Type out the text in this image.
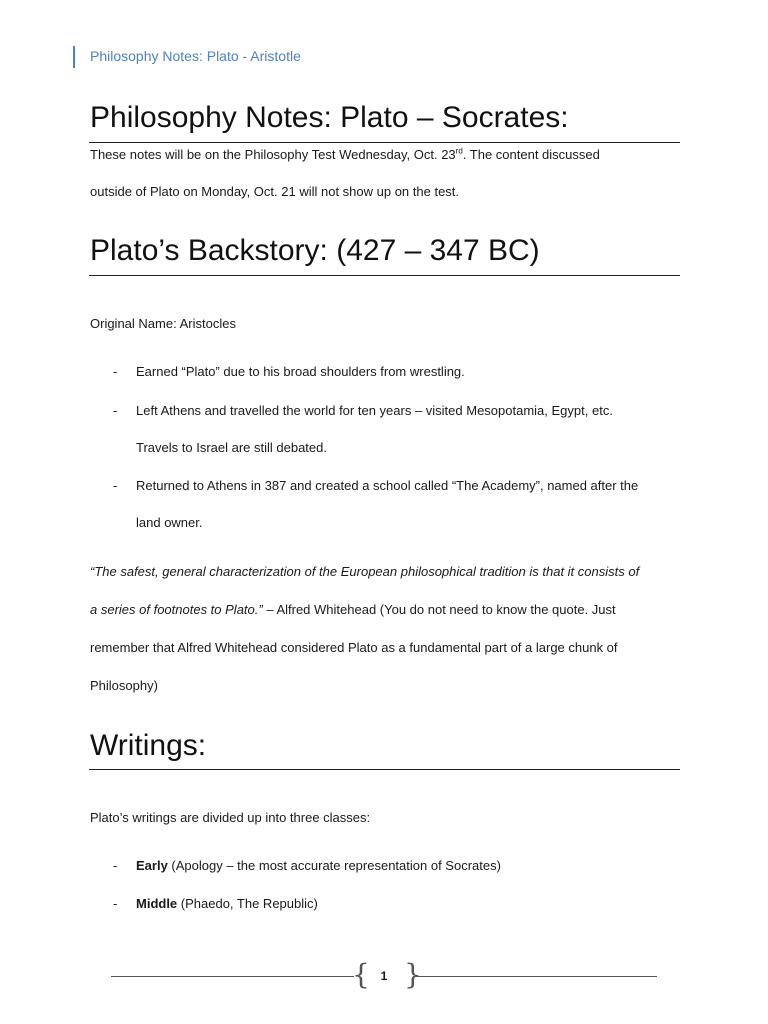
Philosophy Notes: Plato - Aristotle
Philosophy Notes: Plato – Socrates:

These notes will be on the Philosophy Test Wednesday, Oct. 23rd. The content discussed

outside of Plato on Monday, Oct. 21 will not show up on the test.

Plato’s Backstory: (427 – 347 BC)

Original Name: Aristocles

- Earned “Plato” due to his broad shoulders from wrestling.
- Left Athens and travelled the world for ten years – visited Mesopotamia, Egypt, etc.
Travels to Israel are still debated.
- Returned to Athens in 387 and created a school called “The Academy”, named after the
land owner.

“The safest, general characterization of the European philosophical tradition is that it consists of

a series of footnotes to Plato.” – Alfred Whitehead (You do not need to know the quote. Just

remember that Alfred Whitehead considered Plato as a fundamental part of a large chunk of

Philosophy)

Writings:

Plato’s writings are divided up into three classes:

- Early (Apology – the most accurate representation of Socrates)
- Middle (Phaedo, The Republic)
{ 1 }
